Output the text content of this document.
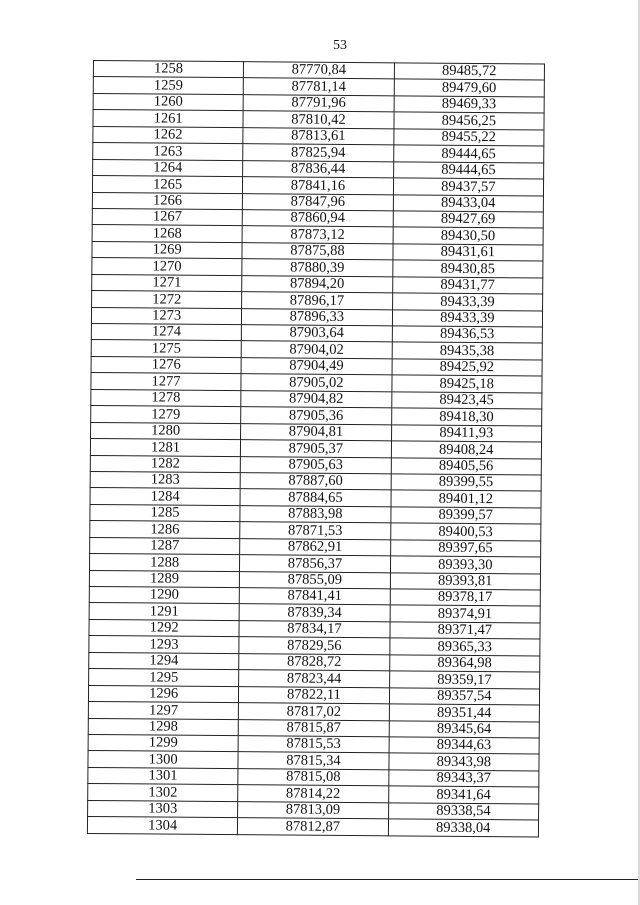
53
1258	87770,84	89485,72
1259	87781,14	89479,60
1260	87791,96	89469,33
1261	87810,42	89456,25
1262	87813,61	89455,22
1263	87825,94	89444,65
1264	87836,44	89444,65
1265	87841,16	89437,57
1266	87847,96	89433,04
1267	87860,94	89427,69
1268	87873,12	89430,50
1269	87875,88	89431,61
1270	87880,39	89430,85
1271	87894,20	89431,77
1272	87896,17	89433,39
1273	87896,33	89433,39
1274	87903,64	89436,53
1275	87904,02	89435,38
1276	87904,49	89425,92
1277	87905,02	89425,18
1278	87904,82	89423,45
1279	87905,36	89418,30
1280	87904,81	89411,93
1281	87905,37	89408,24
1282	87905,63	89405,56
1283	87887,60	89399,55
1284	87884,65	89401,12
1285	87883,98	89399,57
1286	87871,53	89400,53
1287	87862,91	89397,65
1288	87856,37	89393,30
1289	87855,09	89393,81
1290	87841,41	89378,17
1291	87839,34	89374,91
1292	87834,17	89371,47
1293	87829,56	89365,33
1294	87828,72	89364,98
1295	87823,44	89359,17
1296	87822,11	89357,54
1297	87817,02	89351,44
1298	87815,87	89345,64
1299	87815,53	89344,63
1300	87815,34	89343,98
1301	87815,08	89343,37
1302	87814,22	89341,64
1303	87813,09	89338,54
1304	87812,87	89338,04
